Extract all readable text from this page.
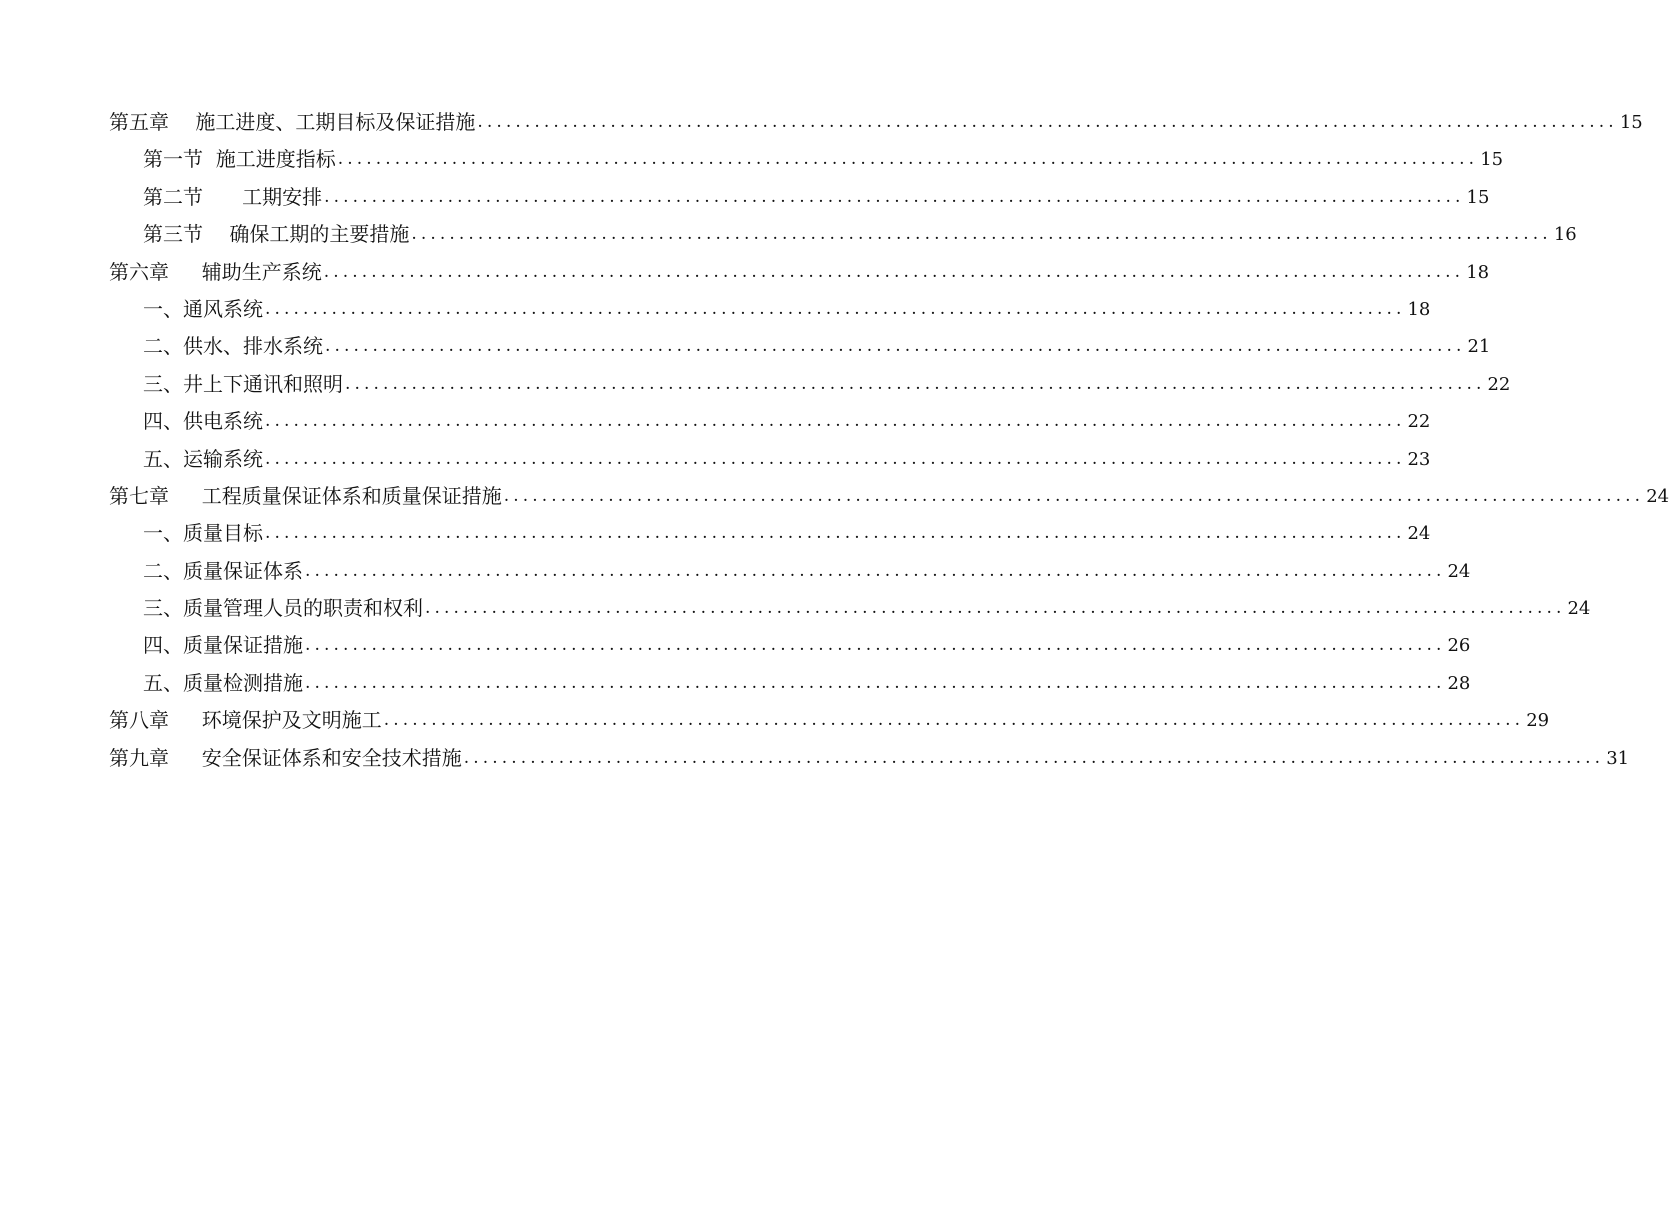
第五章　 施工进度、工期目标及保证措施 ........................................................................................................................ 15
第一节  施工进度指标 ........................................................................................................................ 15
第二节 　  工期安排 ........................................................................................................................ 15
第三节 　确保工期的主要措施 ........................................................................................................................ 16
第六章 　 辅助生产系统 ........................................................................................................................ 18
一、通风系统 ........................................................................................................................ 18
二、供水、排水系统 ........................................................................................................................ 21
三、井上下通讯和照明 ........................................................................................................................ 22
四、供电系统 ........................................................................................................................ 22
五、运输系统 ........................................................................................................................ 23
第七章 　 工程质量保证体系和质量保证措施 ........................................................................................................................ 24
一、质量目标 ........................................................................................................................ 24
二、质量保证体系 ........................................................................................................................ 24
三、质量管理人员的职责和权利 ........................................................................................................................ 24
四、质量保证措施 ........................................................................................................................ 26
五、质量检测措施 ........................................................................................................................ 28
第八章 　 环境保护及文明施工 ........................................................................................................................ 29
第九章 　 安全保证体系和安全技术措施 ........................................................................................................................ 31
